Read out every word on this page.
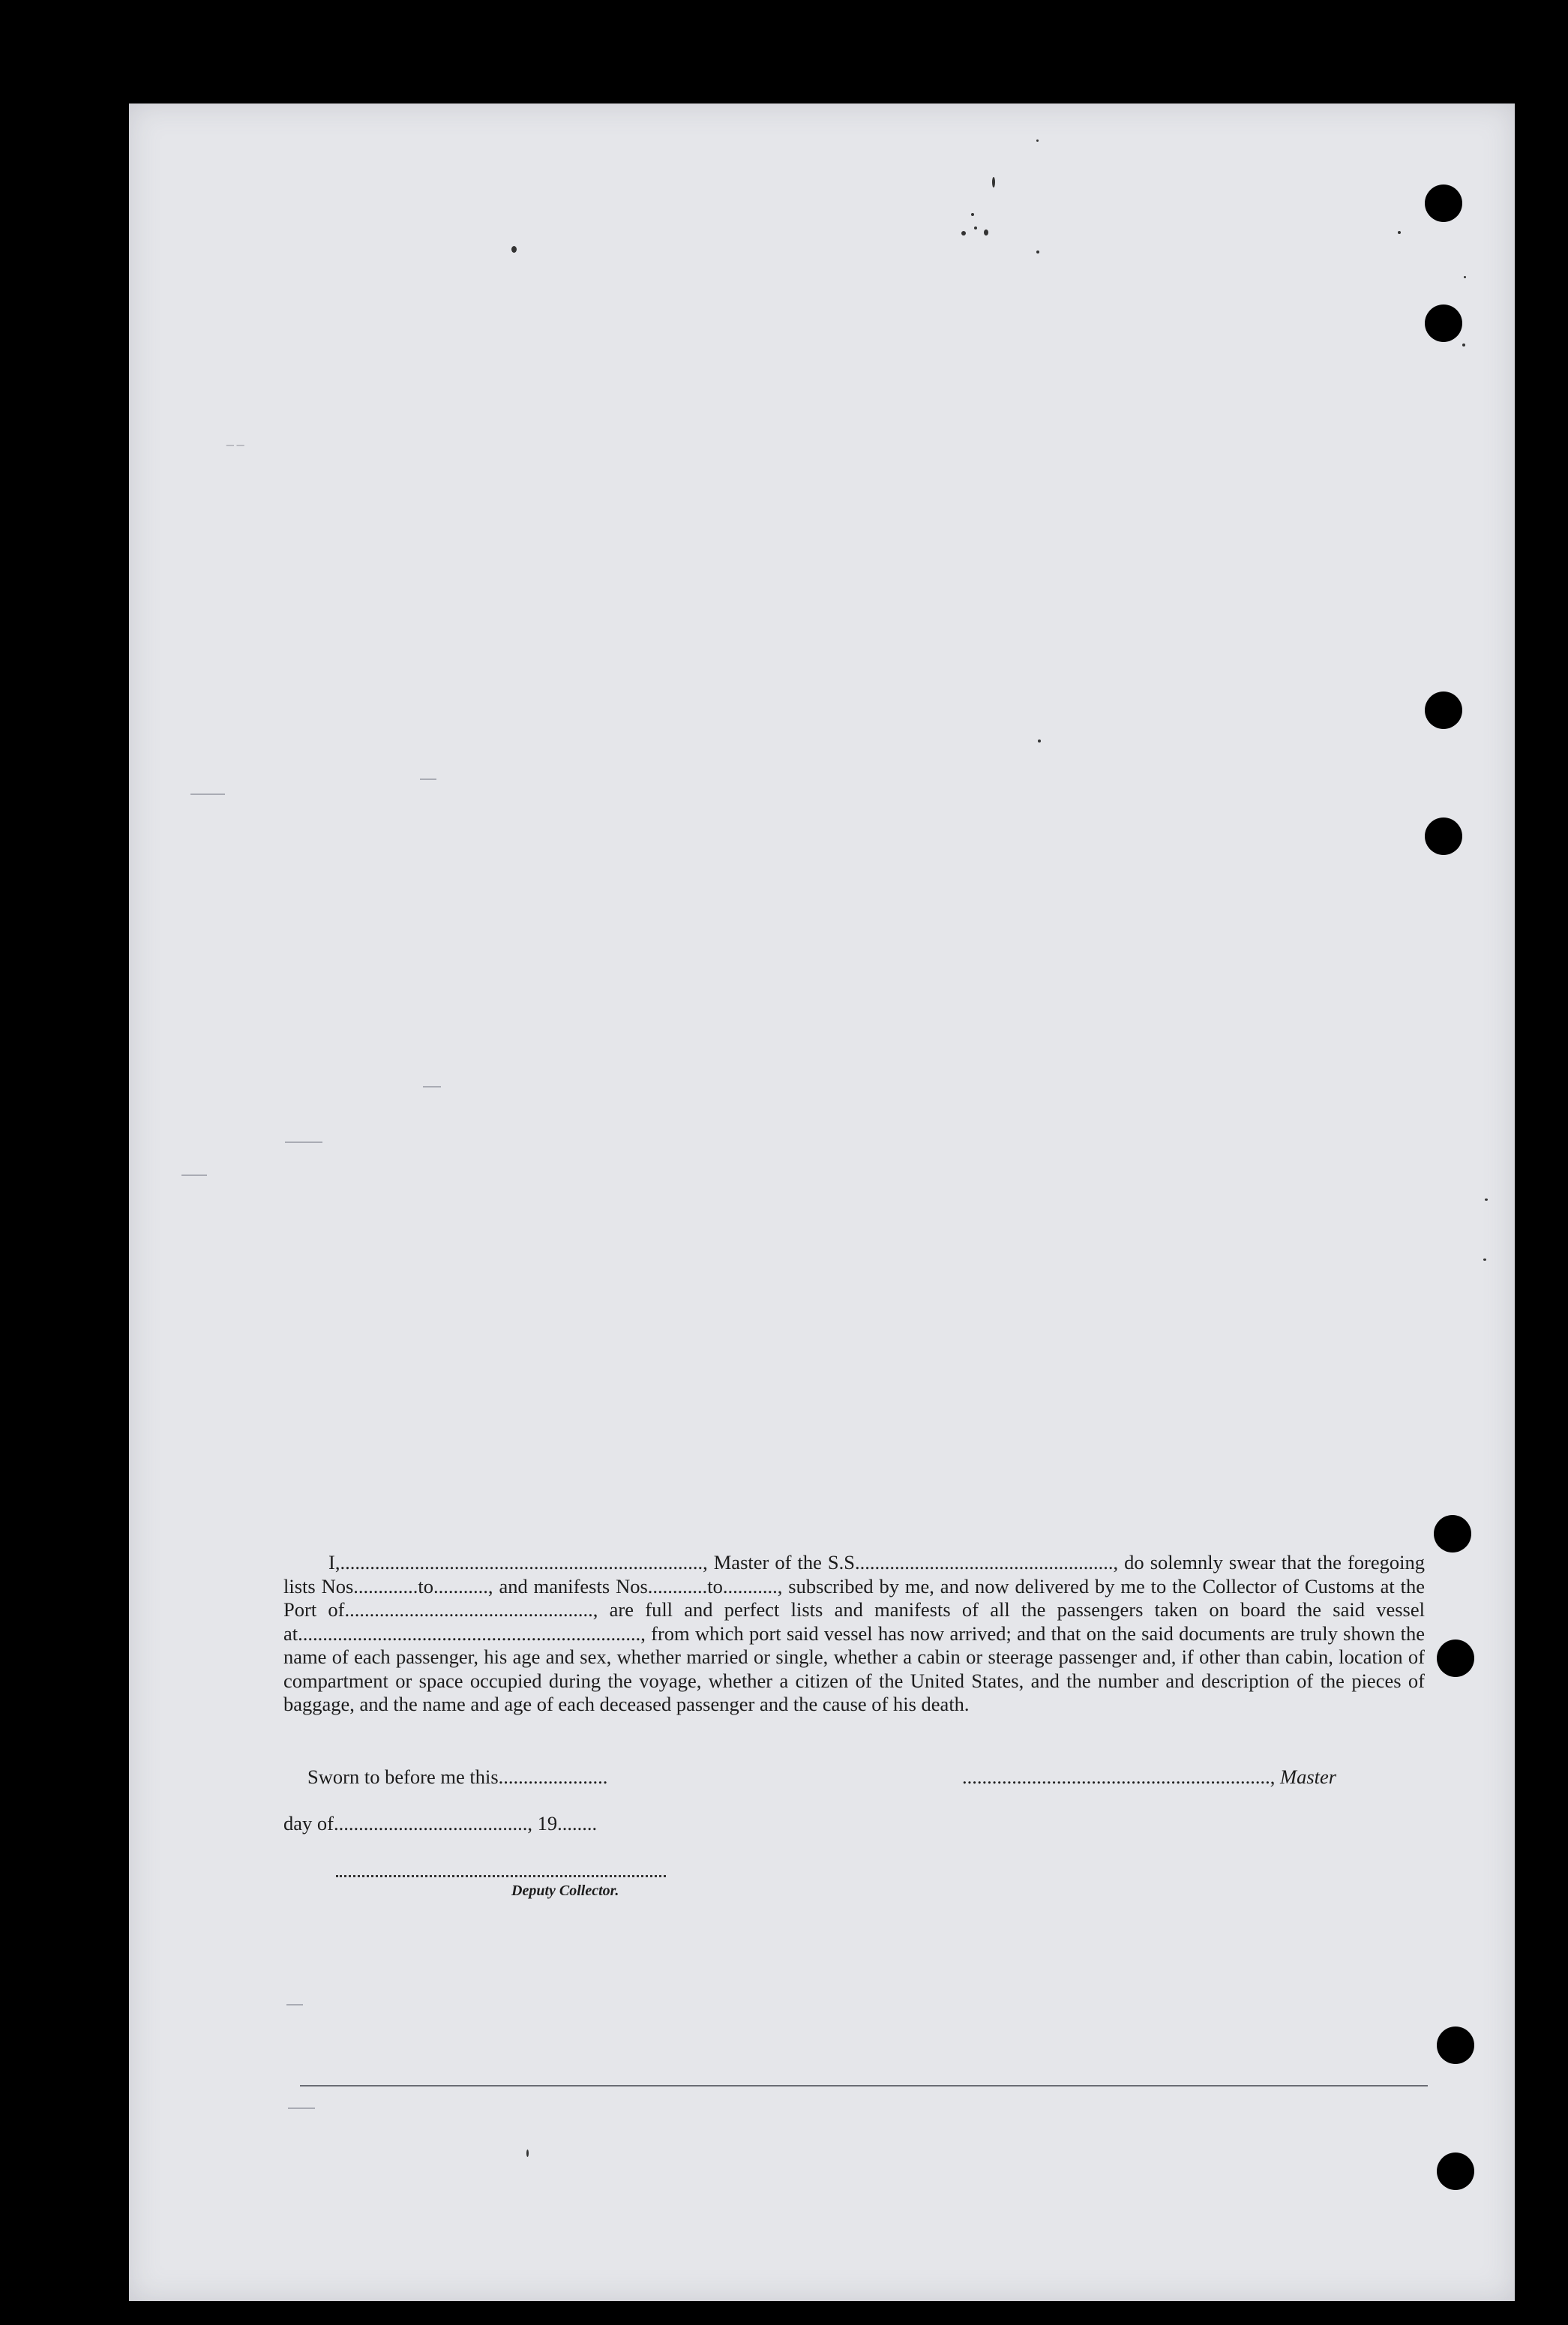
⁻⁻
I,........................................................................., Master of the S.S...................................................., do solemnly swear that the foregoing lists Nos.............to..........., and manifests Nos............to..........., subscribed by me, and now delivered by me to the Collector of Customs at the Port of.................................................., are full and perfect lists and manifests of all the passengers taken on board the said vessel at....................................................................., from which port said vessel has now arrived; and that on the said documents are truly shown the name of each passenger, his age and sex, whether married or single, whether a cabin or steerage passenger and, if other than cabin, location of compartment or space occupied during the voyage, whether a citizen of the United States, and the number and description of the pieces of baggage, and the name and age of each deceased passenger and the cause of his death.
Sworn to before me this......................	.............................................................., Master
day of......................................., 19........
Deputy Collector.
